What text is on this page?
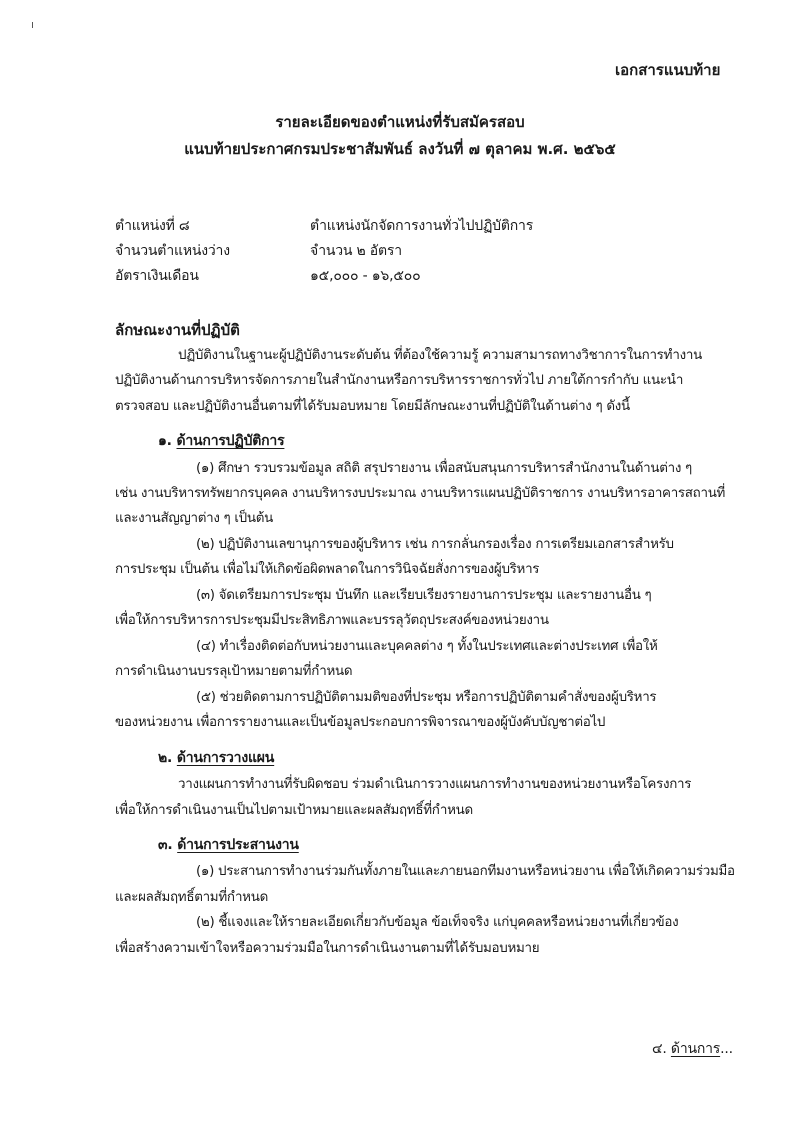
เอกสารแนบท้าย
รายละเอียดของตำแหน่งที่รับสมัครสอบ
แนบท้ายประกาศกรมประชาสัมพันธ์ ลงวันที่ ๗ ตุลาคม พ.ศ. ๒๕๖๕
ตำแหน่งที่ ๘	ตำแหน่งนักจัดการงานทั่วไปปฏิบัติการ
จำนวนตำแหน่งว่าง	จำนวน ๒ อัตรา
อัตราเงินเดือน	๑๕,๐๐๐ - ๑๖,๕๐๐
ลักษณะงานที่ปฏิบัติ
ปฏิบัติงานในฐานะผู้ปฏิบัติงานระดับต้น ที่ต้องใช้ความรู้ ความสามารถทางวิชาการในการทำงาน
ปฏิบัติงานด้านการบริหารจัดการภายในสำนักงานหรือการบริหารราชการทั่วไป ภายใต้การกำกับ แนะนำ
ตรวจสอบ และปฏิบัติงานอื่นตามที่ได้รับมอบหมาย โดยมีลักษณะงานที่ปฏิบัติในด้านต่าง ๆ ดังนี้
๑. ด้านการปฏิบัติการ
(๑) ศึกษา รวบรวมข้อมูล สถิติ สรุปรายงาน เพื่อสนับสนุนการบริหารสำนักงานในด้านต่าง ๆ
เช่น งานบริหารทรัพยากรบุคคล งานบริหารงบประมาณ งานบริหารแผนปฏิบัติราชการ งานบริหารอาคารสถานที่
และงานสัญญาต่าง ๆ เป็นต้น
(๒) ปฏิบัติงานเลขานุการของผู้บริหาร เช่น การกลั่นกรองเรื่อง การเตรียมเอกสารสำหรับ
การประชุม เป็นต้น เพื่อไม่ให้เกิดข้อผิดพลาดในการวินิจฉัยสั่งการของผู้บริหาร
(๓) จัดเตรียมการประชุม บันทึก และเรียบเรียงรายงานการประชุม และรายงานอื่น ๆ
เพื่อให้การบริหารการประชุมมีประสิทธิภาพและบรรลุวัตถุประสงค์ของหน่วยงาน
(๔) ทำเรื่องติดต่อกับหน่วยงานและบุคคลต่าง ๆ ทั้งในประเทศและต่างประเทศ เพื่อให้
การดำเนินงานบรรลุเป้าหมายตามที่กำหนด
(๕) ช่วยติดตามการปฏิบัติตามมติของที่ประชุม หรือการปฏิบัติตามคำสั่งของผู้บริหาร
ของหน่วยงาน เพื่อการรายงานและเป็นข้อมูลประกอบการพิจารณาของผู้บังคับบัญชาต่อไป
๒. ด้านการวางแผน
วางแผนการทำงานที่รับผิดชอบ ร่วมดำเนินการวางแผนการทำงานของหน่วยงานหรือโครงการ
เพื่อให้การดำเนินงานเป็นไปตามเป้าหมายและผลสัมฤทธิ์ที่กำหนด
๓. ด้านการประสานงาน
(๑) ประสานการทำงานร่วมกันทั้งภายในและภายนอกทีมงานหรือหน่วยงาน เพื่อให้เกิดความร่วมมือ
และผลสัมฤทธิ์ตามที่กำหนด
(๒) ชี้แจงและให้รายละเอียดเกี่ยวกับข้อมูล ข้อเท็จจริง แก่บุคคลหรือหน่วยงานที่เกี่ยวข้อง
เพื่อสร้างความเข้าใจหรือความร่วมมือในการดำเนินงานตามที่ได้รับมอบหมาย
๔. ด้านการ...
